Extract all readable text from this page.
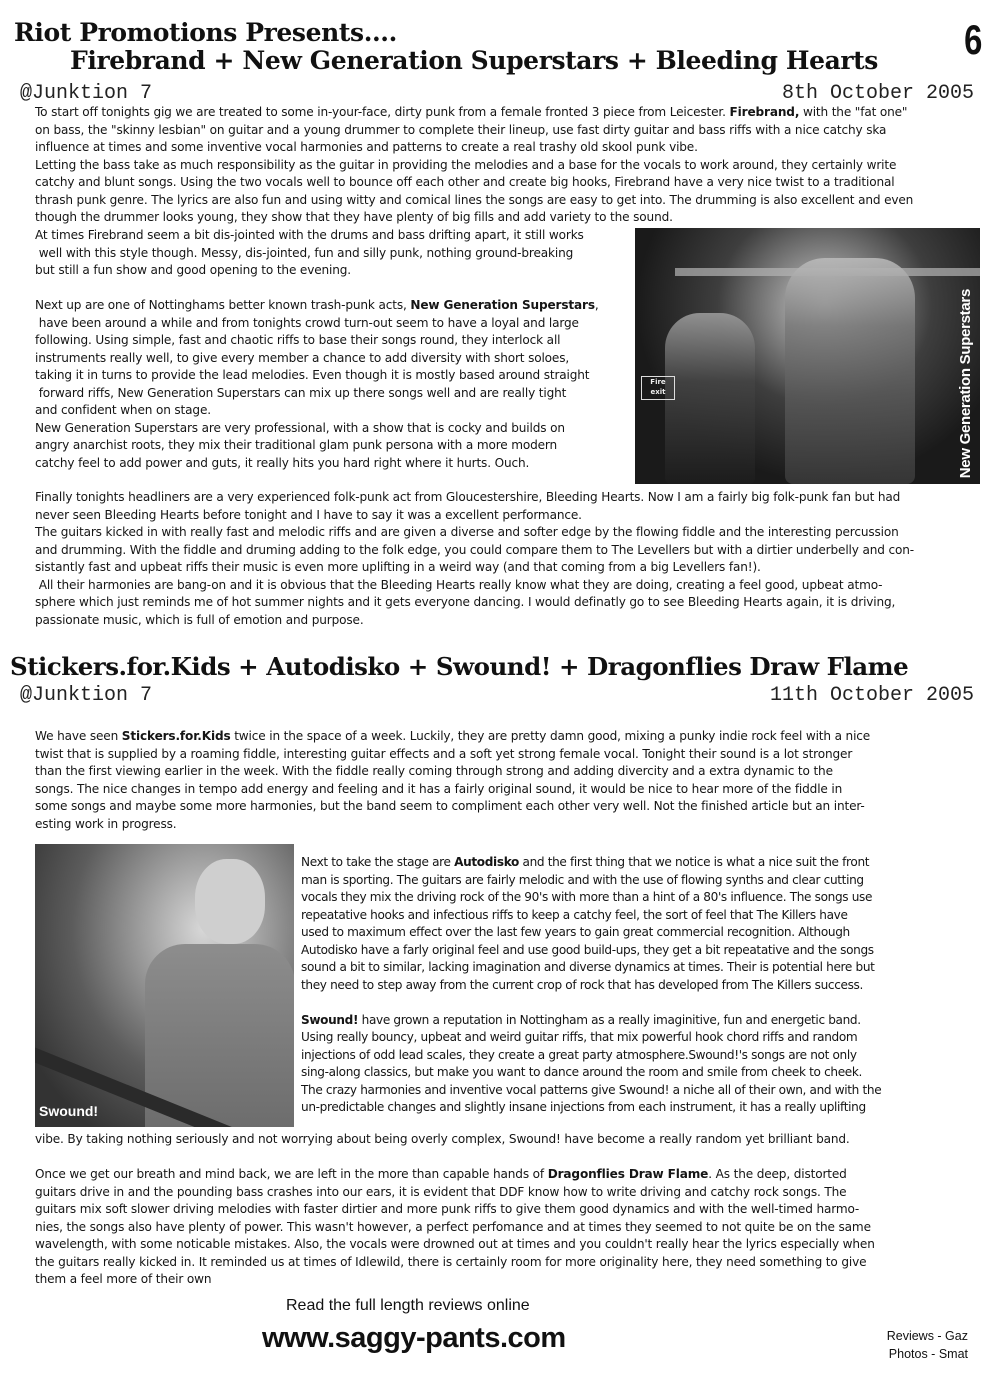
Riot Promotions Presents....
Firebrand + New Generation Superstars + Bleeding Hearts 6
@Junktion 7	8th October 2005
To start off tonights gig we are treated to some in-your-face, dirty punk from a female fronted 3 piece from Leicester. Firebrand, with the "fat one"
on bass, the "skinny lesbian" on guitar and a young drummer to complete their lineup, use fast dirty guitar and bass riffs with a nice catchy ska
influence at times and some inventive vocal harmonies and patterns to create a real trashy old skool punk vibe.
Letting the bass take as much responsibility as the guitar in providing the melodies and a base for the vocals to work around, they certainly write
catchy and blunt songs. Using the two vocals well to bounce off each other and create big hooks, Firebrand have a very nice twist to a traditional
thrash punk genre. The lyrics are also fun and using witty and comical lines the songs are easy to get into. The drumming is also excellent and even
though the drummer looks young, they show that they have plenty of big fills and add variety to the sound.
At times Firebrand seem a bit dis-jointed with the drums and bass drifting apart, it still works
well with this style though. Messy, dis-jointed, fun and silly punk, nothing ground-breaking
but still a fun show and good opening to the evening.

Next up are one of Nottinghams better known trash-punk acts, New Generation Superstars,
have been around a while and from tonights crowd turn-out seem to have a loyal and large
following. Using simple, fast and chaotic riffs to base their songs round, they interlock all
instruments really well, to give every member a chance to add diversity with short soloes,
taking it in turns to provide the lead melodies. Even though it is mostly based around straight
forward riffs, New Generation Superstars can mix up there songs well and are really tight
and confident when on stage.
New Generation Superstars are very professional, with a show that is cocky and builds on
angry anarchist roots, they mix their traditional glam punk persona with a more modern
catchy feel to add power and guts, it really hits you hard right where it hurts. Ouch.
Fire exit	New Generation Superstars
Finally tonights headliners are a very experienced folk-punk act from Gloucestershire, Bleeding Hearts. Now I am a fairly big folk-punk fan but had
never seen Bleeding Hearts before tonight and I have to say it was a excellent performance.
The guitars kicked in with really fast and melodic riffs and are given a diverse and softer edge by the flowing fiddle and the interesting percussion
and drumming. With the fiddle and druming adding to the folk edge, you could compare them to The Levellers but with a dirtier underbelly and con-
sistantly fast and upbeat riffs their music is even more uplifting in a weird way (and that coming from a big Levellers fan!).
All their harmonies are bang-on and it is obvious that the Bleeding Hearts really know what they are doing, creating a feel good, upbeat atmo-
sphere which just reminds me of hot summer nights and it gets everyone dancing. I would definatly go to see Bleeding Hearts again, it is driving,
passionate music, which is full of emotion and purpose.
Stickers.for.Kids + Autodisko + Swound! + Dragonflies Draw Flame
@Junktion 7	11th October 2005
We have seen Stickers.for.Kids twice in the space of a week. Luckily, they are pretty damn good, mixing a punky indie rock feel with a nice
twist that is supplied by a roaming fiddle, interesting guitar effects and a soft yet strong female vocal. Tonight their sound is a lot stronger
than the first viewing earlier in the week. With the fiddle really coming through strong and adding divercity and a extra dynamic to the
songs. The nice changes in tempo add energy and feeling and it has a fairly original sound, it would be nice to hear more of the fiddle in
some songs and maybe some more harmonies, but the band seem to compliment each other very well. Not the finished article but an inter-
esting work in progress.
Swound!
Next to take the stage are Autodisko and the first thing that we notice is what a nice suit the front
man is sporting. The guitars are fairly melodic and with the use of flowing synths and clear cutting
vocals they mix the driving rock of the 90's with more than a hint of a 80's influence. The songs use
repeatative hooks and infectious riffs to keep a catchy feel, the sort of feel that The Killers have
used to maximum effect over the last few years to gain great commercial recognition. Although
Autodisko have a farly original feel and use good build-ups, they get a bit repeatative and the songs
sound a bit to similar, lacking imagination and diverse dynamics at times. Their is potential here but
they need to step away from the current crop of rock that has developed from The Killers success.

Swound! have grown a reputation in Nottingham as a really imaginitive, fun and energetic band.
Using really bouncy, upbeat and weird guitar riffs, that mix powerful hook chord riffs and random
injections of odd lead scales, they create a great party atmosphere.Swound!'s songs are not only
sing-along classics, but make you want to dance around the room and smile from cheek to cheek.
The crazy harmonies and inventive vocal patterns give Swound! a niche all of their own, and with the
un-predictable changes and slightly insane injections from each instrument, it has a really uplifting
vibe. By taking nothing seriously and not worrying about being overly complex, Swound! have become a really random yet brilliant band.

Once we get our breath and mind back, we are left in the more than capable hands of Dragonflies Draw Flame. As the deep, distorted
guitars drive in and the pounding bass crashes into our ears, it is evident that DDF know how to write driving and catchy rock songs. The
guitars mix soft slower driving melodies with faster dirtier and more punk riffs to give them good dynamics and with the well-timed harmo-
nies, the songs also have plenty of power. This wasn't however, a perfect perfomance and at times they seemed to not quite be on the same
wavelength, with some noticable mistakes. Also, the vocals were drowned out at times and you couldn't really hear the lyrics especially when
the guitars really kicked in. It reminded us at times of Idlewild, there is certainly room for more originality here, they need something to give
them a feel more of their own
Read the full length reviews online
www.saggy-pants.com	Reviews - Gaz
Photos - Smat
